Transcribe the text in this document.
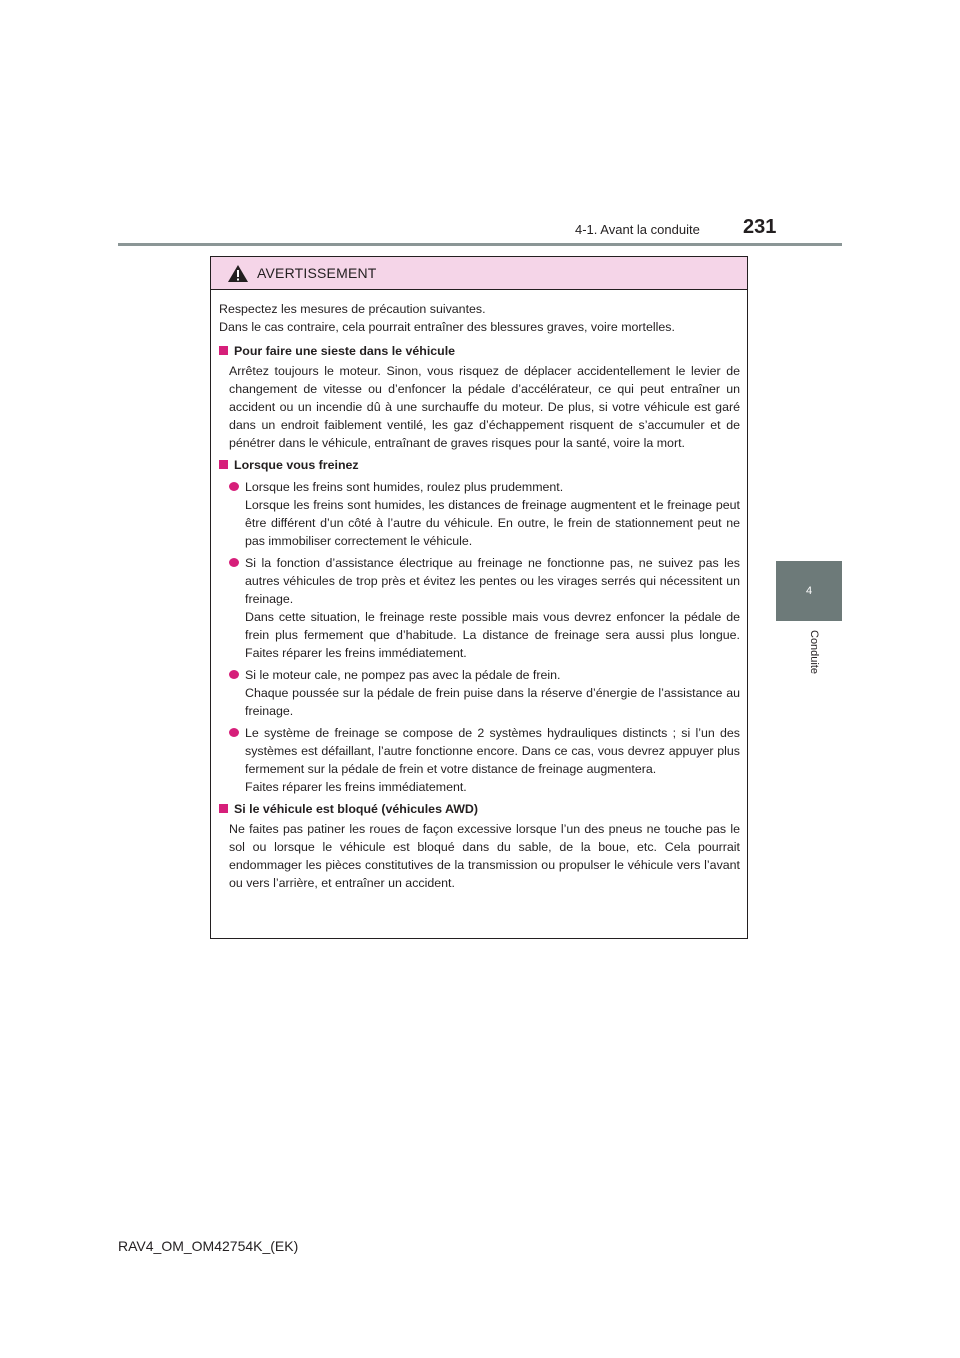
4-1. Avant la conduite 231
4
Conduite
AVERTISSEMENT

Respectez les mesures de précaution suivantes.

Dans le cas contraire, cela pourrait entraîner des blessures graves, voire mortelles.

Pour faire une sieste dans le véhicule

Arrêtez toujours le moteur. Sinon, vous risquez de déplacer accidentellement le levier de changement de vitesse ou d’enfoncer la pédale d’accélérateur, ce qui peut entraîner un accident ou un incendie dû à une surchauffe du moteur. De plus, si votre véhicule est garé dans un endroit faiblement ventilé, les gaz d’échappement risquent de s’accumuler et de pénétrer dans le véhicule, entraînant de graves risques pour la santé, voire la mort.

Lorsque vous freinez

Lorsque les freins sont humides, roulez plus prudemment.

Lorsque les freins sont humides, les distances de freinage augmentent et le freinage peut être différent d’un côté à l’autre du véhicule. En outre, le frein de stationnement peut ne pas immobiliser correctement le véhicule.

Si la fonction d’assistance électrique au freinage ne fonctionne pas, ne suivez pas les autres véhicules de trop près et évitez les pentes ou les virages serrés qui nécessitent un freinage.

Dans cette situation, le freinage reste possible mais vous devrez enfoncer la pédale de frein plus fermement que d’habitude. La distance de freinage sera aussi plus longue. Faites réparer les freins immédiatement.

Si le moteur cale, ne pompez pas avec la pédale de frein.

Chaque poussée sur la pédale de frein puise dans la réserve d’énergie de l’assistance au freinage.

Le système de freinage se compose de 2 systèmes hydrauliques distincts ; si l’un des systèmes est défaillant, l’autre fonctionne encore. Dans ce cas, vous devrez appuyer plus fermement sur la pédale de frein et votre distance de freinage augmentera.

Faites réparer les freins immédiatement.

Si le véhicule est bloqué (véhicules AWD)

Ne faites pas patiner les roues de façon excessive lorsque l’un des pneus ne touche pas le sol ou lorsque le véhicule est bloqué dans du sable, de la boue, etc. Cela pourrait endommager les pièces constitutives de la transmission ou propulser le véhicule vers l’avant ou vers l’arrière, et entraîner un accident.

RAV4_OM_OM42754K_(EK)
